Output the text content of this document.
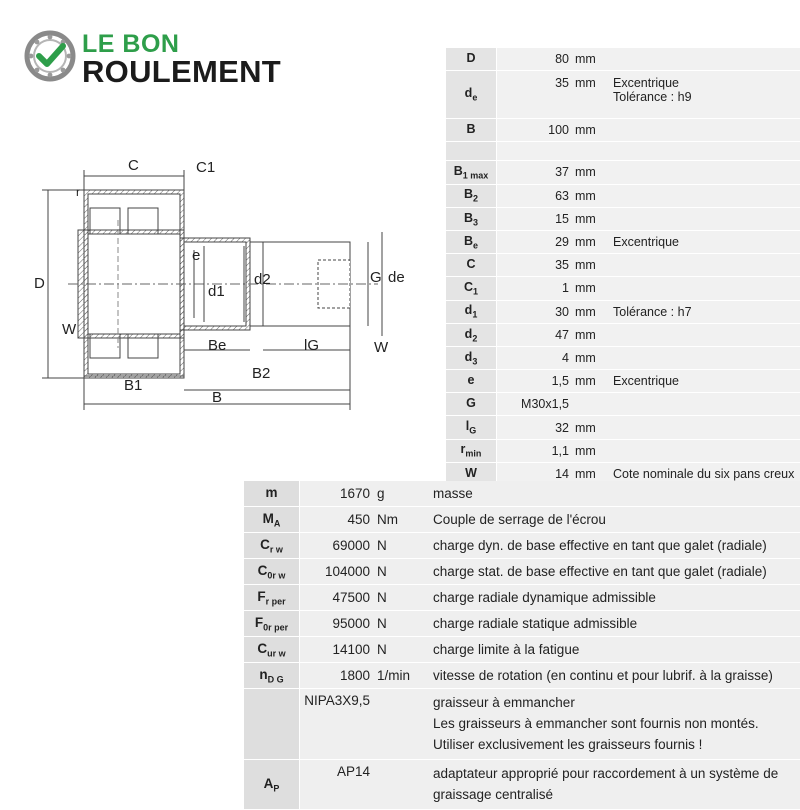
LE BON
ROULEMENT
C	C1
r
D
W
e
d1
d2	G de
Be	lG	W
B1
B2
B
D	80	mm	
$d_e$	35	mm	Excentrique
Tolérance : h9

B	100	mm	

$B_{1 max}$	37	mm	
$B_2$	63	mm	
$B_3$	15	mm	
$B_e$	29	mm	Excentrique
C	35	mm	
$C_1$	1	mm	
$d_1$	30	mm	Tolérance : h7
$d_2$	47	mm	
$d_3$	4	mm	
e	1,5	mm	Excentrique
G	M30x1,5		
$l_G$	32	mm	
$r_{min}$	1,1	mm	
W	14	mm	Cote nominale du six pans creux
m	1670	g	masse
$M_A$	450	Nm	Couple de serrage de l'écrou
$C_{r w}$	69000	N	charge dyn. de base effective en tant que galet (radiale)
$C_{0r w}$	104000	N	charge stat. de base effective en tant que galet (radiale)
$F_{r per}$	47500	N	charge radiale dynamique admissible
$F_{0r per}$	95000	N	charge radiale statique admissible
$C_{ur w}$	14100	N	charge limite à la fatigue
$n_{D G}$	1800	1/min	vitesse de rotation (en continu et pour lubrif. à la graisse)
	NIPA3X9,5		graisseur à emmancher
Les graisseurs à emmancher sont fournis non montés.
Utiliser exclusivement les graisseurs fournis !

$A_P$	AP14		adaptateur approprié pour raccordement à un système de
graissage centralisé
